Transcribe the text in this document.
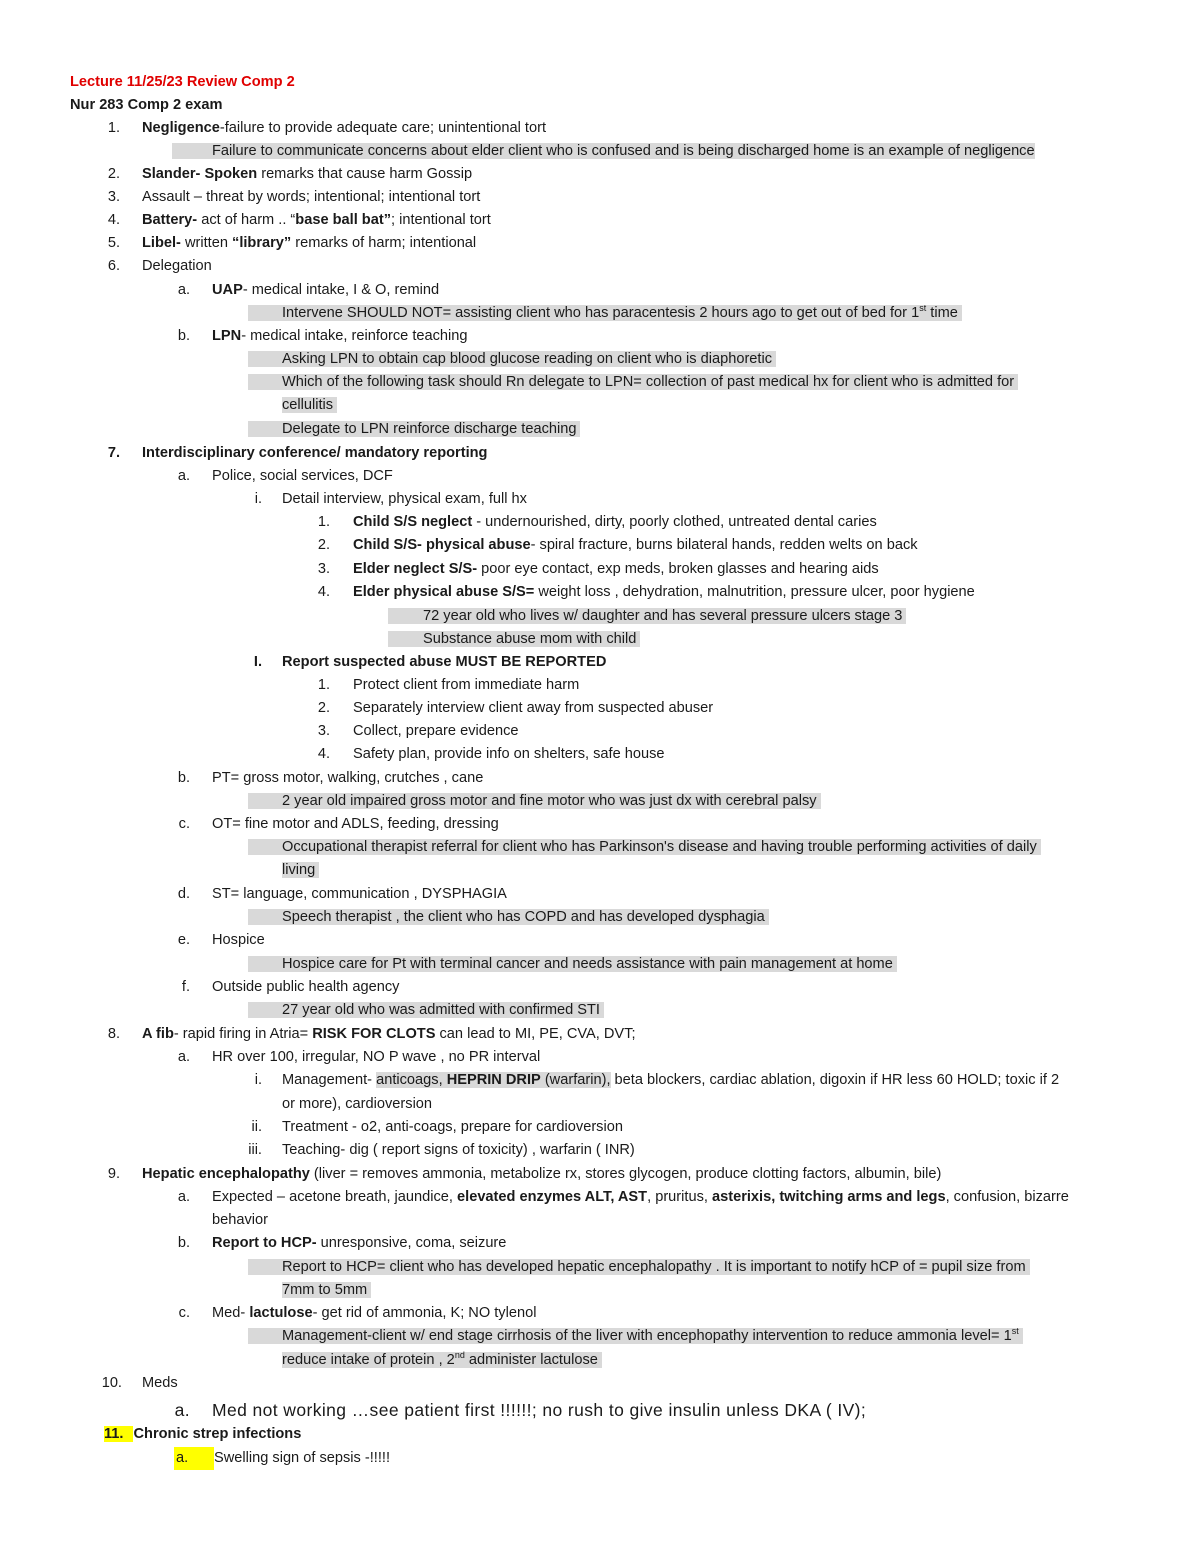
Lecture 11/25/23 Review Comp 2
Nur 283 Comp 2 exam
1. Negligence-failure to provide adequate care; unintentional tort
Failure to communicate concerns about elder client who is confused and is being discharged home is an example of negligence
2. Slander- Spoken remarks that cause harm Gossip
3. Assault – threat by words; intentional; intentional tort
4. Battery- act of harm .. “base ball bat”; intentional tort
5. Libel- written “library” remarks of harm; intentional
6. Delegation
a. UAP- medical intake, I & O, remind
Intervene SHOULD NOT= assisting client who has paracentesis 2 hours ago to get out of bed for 1st time
b. LPN- medical intake, reinforce teaching
Asking LPN to obtain cap blood glucose reading on client who is diaphoretic
Which of the following task should Rn delegate to LPN= collection of past medical hx for client who is admitted for
cellulitis
Delegate to LPN reinforce discharge teaching
7. Interdisciplinary conference/ mandatory reporting
a. Police, social services, DCF
i. Detail interview, physical exam, full hx
1. Child S/S neglect - undernourished, dirty, poorly clothed, untreated dental caries
2. Child S/S- physical abuse- spiral fracture, burns bilateral hands, redden welts on back
3. Elder neglect S/S- poor eye contact, exp meds, broken glasses and hearing aids
4. Elder physical abuse S/S= weight loss , dehydration, malnutrition, pressure ulcer, poor hygiene
72 year old who lives w/ daughter and has several pressure ulcers stage 3
Substance abuse mom with child
I. Report suspected abuse MUST BE REPORTED
1. Protect client from immediate harm
2. Separately interview client away from suspected abuser
3. Collect, prepare evidence
4. Safety plan, provide info on shelters, safe house
b. PT= gross motor, walking, crutches , cane
2 year old impaired gross motor and fine motor who was just dx with cerebral palsy
c. OT= fine motor and ADLS, feeding, dressing
Occupational therapist referral for client who has Parkinson's disease and having trouble performing activities of daily
living
d. ST= language, communication , DYSPHAGIA
Speech therapist , the client who has COPD and has developed dysphagia
e. Hospice
Hospice care for Pt with terminal cancer and needs assistance with pain management at home
f. Outside public health agency
27 year old who was admitted with confirmed STI
8. A fib- rapid firing in Atria= RISK FOR CLOTS can lead to MI, PE, CVA, DVT;
a. HR over 100, irregular, NO P wave , no PR interval
i. Management- anticoags, HEPRIN DRIP (warfarin), beta blockers, cardiac ablation, digoxin if HR less 60 HOLD; toxic if 2
or more), cardioversion
ii. Treatment - o2, anti-coags, prepare for cardioversion
iii. Teaching- dig ( report signs of toxicity) , warfarin ( INR)
9. Hepatic encephalopathy (liver = removes ammonia, metabolize rx, stores glycogen, produce clotting factors, albumin, bile)
a. Expected – acetone breath, jaundice, elevated enzymes ALT, AST, pruritus, asterixis, twitching arms and legs, confusion, bizarre
behavior
b. Report to HCP- unresponsive, coma, seizure
Report to HCP= client who has developed hepatic encephalopathy . It is important to notify hCP of = pupil size from
7mm to 5mm
c. Med- lactulose- get rid of ammonia, K; NO tylenol
Management-client w/ end stage cirrhosis of the liver with encephopathy intervention to reduce ammonia level= 1st
reduce intake of protein , 2nd administer lactulose
10. Meds
a. Med not working …see patient first !!!!!!; no rush to give insulin unless DKA ( IV);
11. Chronic strep infections
a. Swelling sign of sepsis -!!!!!
